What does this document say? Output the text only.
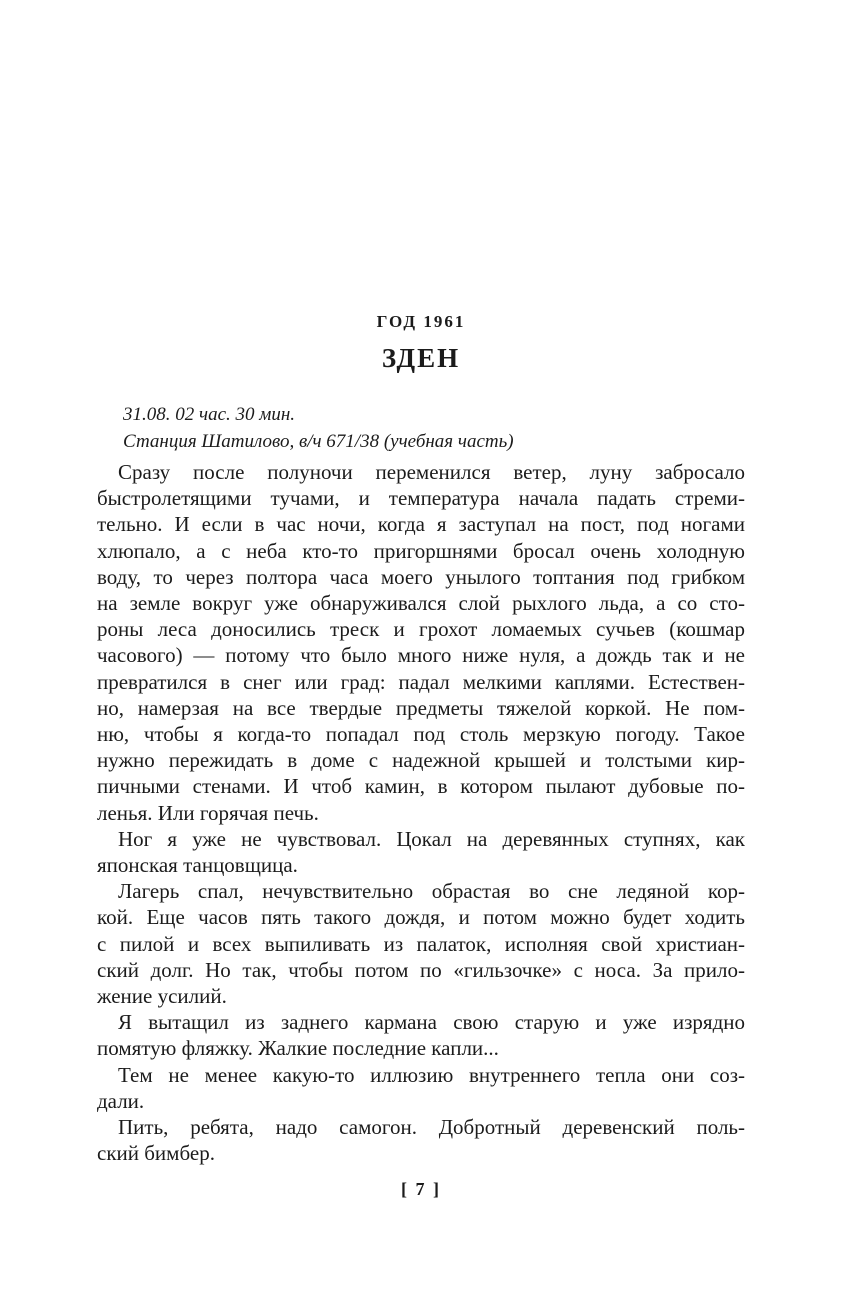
ГОД 1961
ЗДЕН
31.08. 02 час. 30 мин.
Станция Шатилово, в/ч 671/38 (учебная часть)

Сразу после полуночи переменился ветер, луну забросало
быстролетящими тучами, и температура начала падать стреми-
тельно. И если в час ночи, когда я заступал на пост, под ногами
хлюпало, а с неба кто-то пригоршнями бросал очень холодную
воду, то через полтора часа моего унылого топтания под грибком
на земле вокруг уже обнаруживался слой рыхлого льда, а со сто-
роны леса доносились треск и грохот ломаемых сучьев (кошмар
часового) — потому что было много ниже нуля, а дождь так и не
превратился в снег или град: падал мелкими каплями. Естествен-
но, намерзая на все твердые предметы тяжелой коркой. Не пом-
ню, чтобы я когда-то попадал под столь мерзкую погоду. Такое
нужно пережидать в доме с надежной крышей и толстыми кир-
пичными стенами. И чтоб камин, в котором пылают дубовые по-
ленья. Или горячая печь.

Ног я уже не чувствовал. Цокал на деревянных ступнях, как
японская танцовщица.

Лагерь спал, нечувствительно обрастая во сне ледяной кор-
кой. Еще часов пять такого дождя, и потом можно будет ходить
с пилой и всех выпиливать из палаток, исполняя свой христиан-
ский долг. Но так, чтобы потом по «гильзочке» с носа. За прило-
жение усилий.

Я вытащил из заднего кармана свою старую и уже изрядно
помятую фляжку. Жалкие последние капли...

Тем не менее какую-то иллюзию внутреннего тепла они соз-
дали.

Пить, ребята, надо самогон. Добротный деревенский поль-
ский бимбер.

[ 7 ]
